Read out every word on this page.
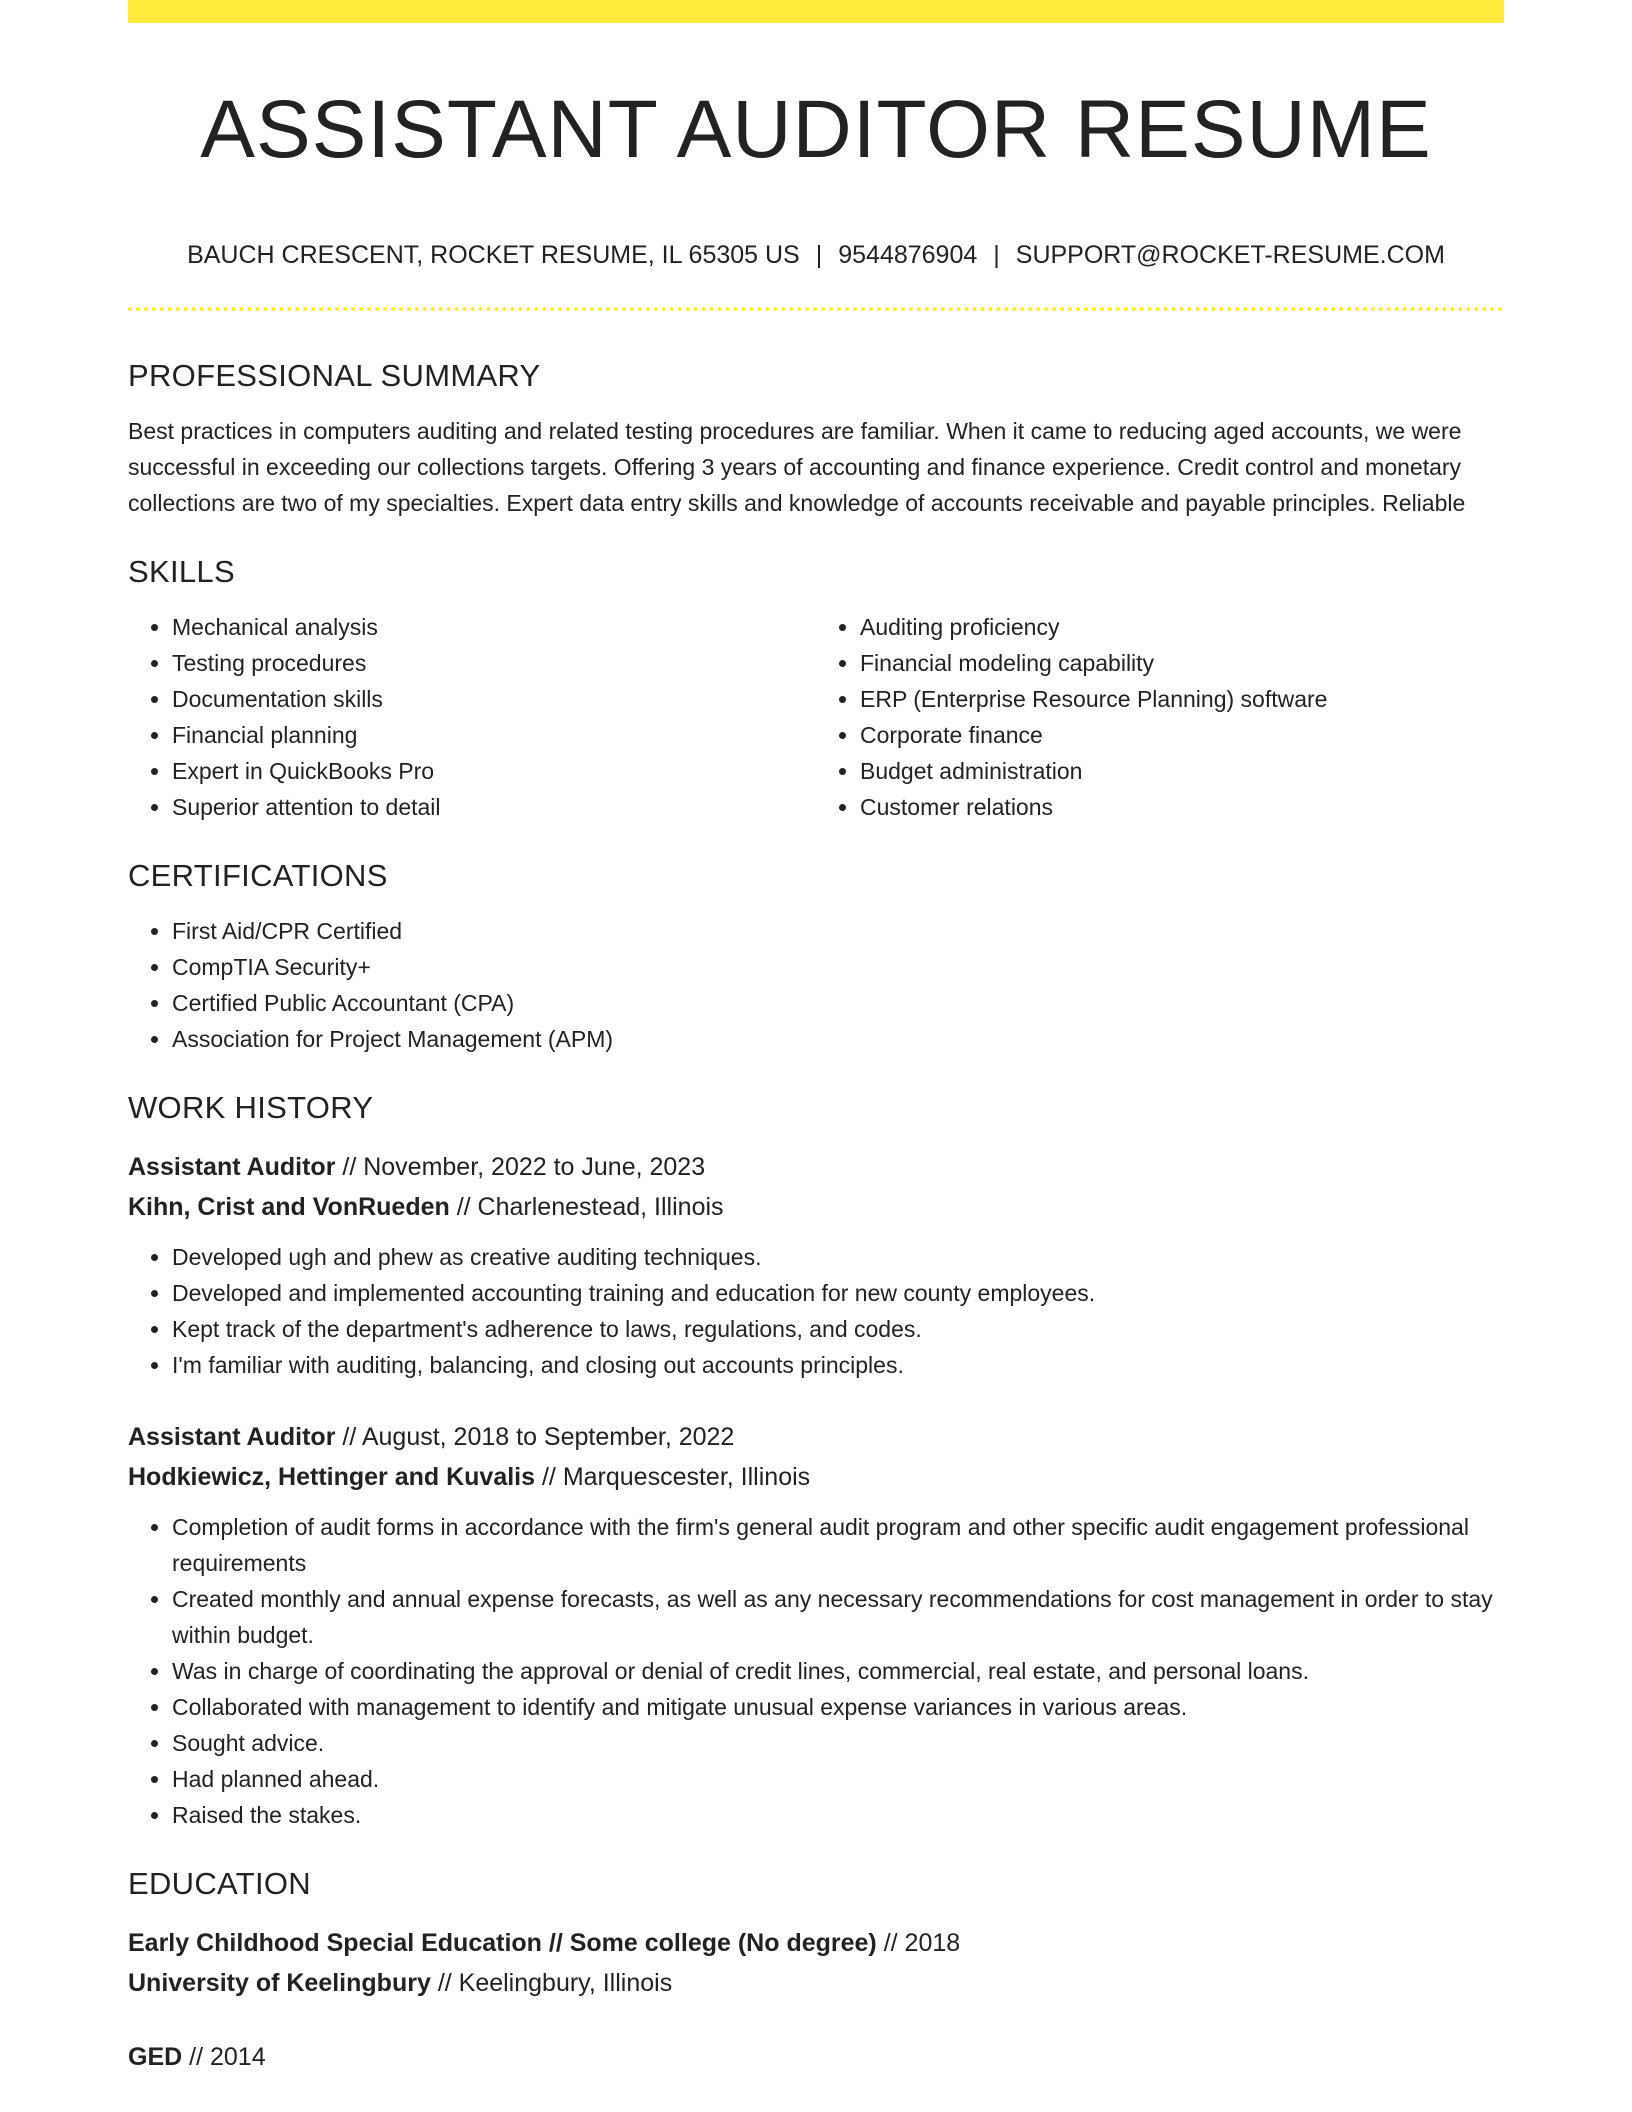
ASSISTANT AUDITOR RESUME
BAUCH CRESCENT, ROCKET RESUME, IL 65305 US | 9544876904 | SUPPORT@ROCKET-RESUME.COM
PROFESSIONAL SUMMARY

Best practices in computers auditing and related testing procedures are familiar. When it came to reducing aged accounts, we were successful in exceeding our collections targets. Offering 3 years of accounting and finance experience. Credit control and monetary collections are two of my specialties. Expert data entry skills and knowledge of accounts receivable and payable principles. Reliable

SKILLS
• Mechanical analysis
• Testing procedures
• Documentation skills
• Financial planning
• Expert in QuickBooks Pro
• Superior attention to detail
• Auditing proficiency
• Financial modeling capability
• ERP (Enterprise Resource Planning) software
• Corporate finance
• Budget administration
• Customer relations
CERTIFICATIONS
• First Aid/CPR Certified
• CompTIA Security+
• Certified Public Accountant (CPA)
• Association for Project Management (APM)
WORK HISTORY
Assistant Auditor // November, 2022 to June, 2023
Kihn, Crist and VonRueden // Charlenestead, Illinois
• Developed ugh and phew as creative auditing techniques.
• Developed and implemented accounting training and education for new county employees.
• Kept track of the department's adherence to laws, regulations, and codes.
• I'm familiar with auditing, balancing, and closing out accounts principles.
Assistant Auditor // August, 2018 to September, 2022
Hodkiewicz, Hettinger and Kuvalis // Marquescester, Illinois
• Completion of audit forms in accordance with the firm's general audit program and other specific audit engagement professional requirements
• Created monthly and annual expense forecasts, as well as any necessary recommendations for cost management in order to stay within budget.
• Was in charge of coordinating the approval or denial of credit lines, commercial, real estate, and personal loans.
• Collaborated with management to identify and mitigate unusual expense variances in various areas.
• Sought advice.
• Had planned ahead.
• Raised the stakes.
EDUCATION
Early Childhood Special Education // Some college (No degree) // 2018
University of Keelingbury // Keelingbury, Illinois
GED // 2014
